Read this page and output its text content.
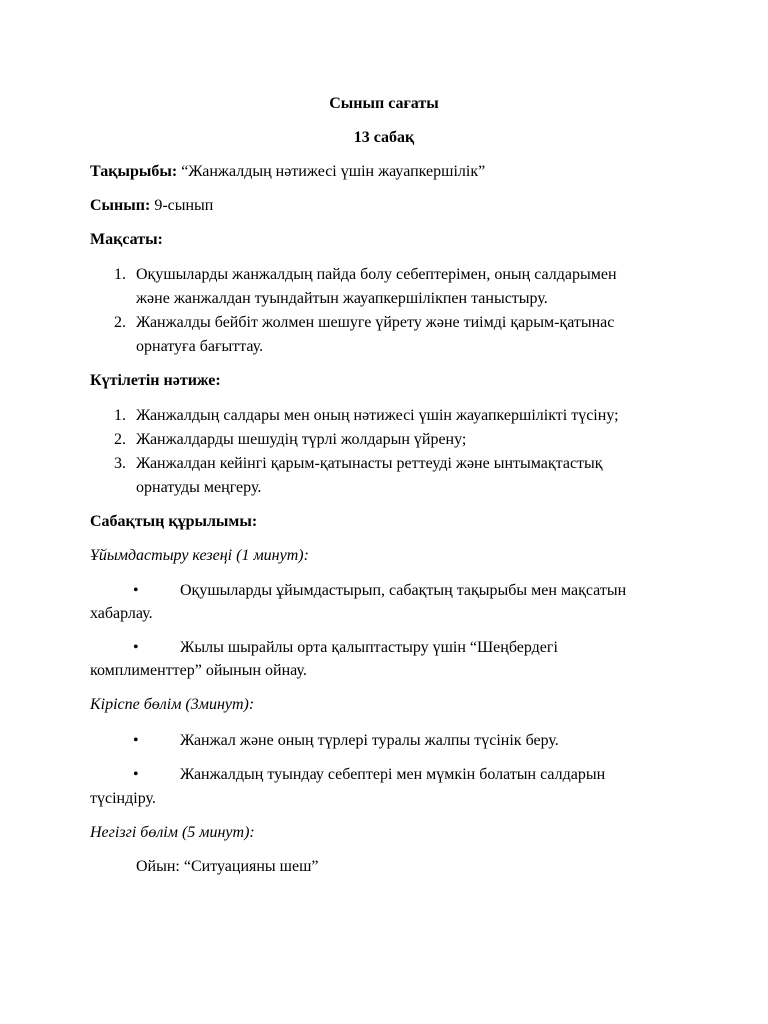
Сынып сағаты
13 сабақ
Тақырыбы: “Жанжалдың нәтижесі үшін жауапкершілік”
Сынып: 9-сынып
Мақсаты:
1. Оқушыларды жанжалдың пайда болу себептерімен, оның салдарымен
және жанжалдан туындайтын жауапкершілікпен таныстыру.
2. Жанжалды бейбіт жолмен шешуге үйрету және тиімді қарым-қатынас
орнатуға бағыттау.
Күтілетін нәтиже:
1. Жанжалдың салдары мен оның нәтижесі үшін жауапкершілікті түсіну;
2. Жанжалдарды шешудің түрлі жолдарын үйрену;
3. Жанжалдан кейінгі қарым-қатынасты реттеуді және ынтымақтастық
орнатуды меңгеру.
Сабақтың құрылымы:
Ұйымдастыру кезеңі (1 минут):
•	Оқушыларды ұйымдастырып, сабақтың тақырыбы мен мақсатын
хабарлау.
•	Жылы шырайлы орта қалыптастыру үшін “Шеңбердегі
комплименттер” ойынын ойнау.
Кіріспе бөлім (3минут):
•	Жанжал және оның түрлері туралы жалпы түсінік беру.
•	Жанжалдың туындау себептері мен мүмкін болатын салдарын
түсіндіру.
Негізгі бөлім (5 минут):
Ойын: “Ситуацияны шеш”
